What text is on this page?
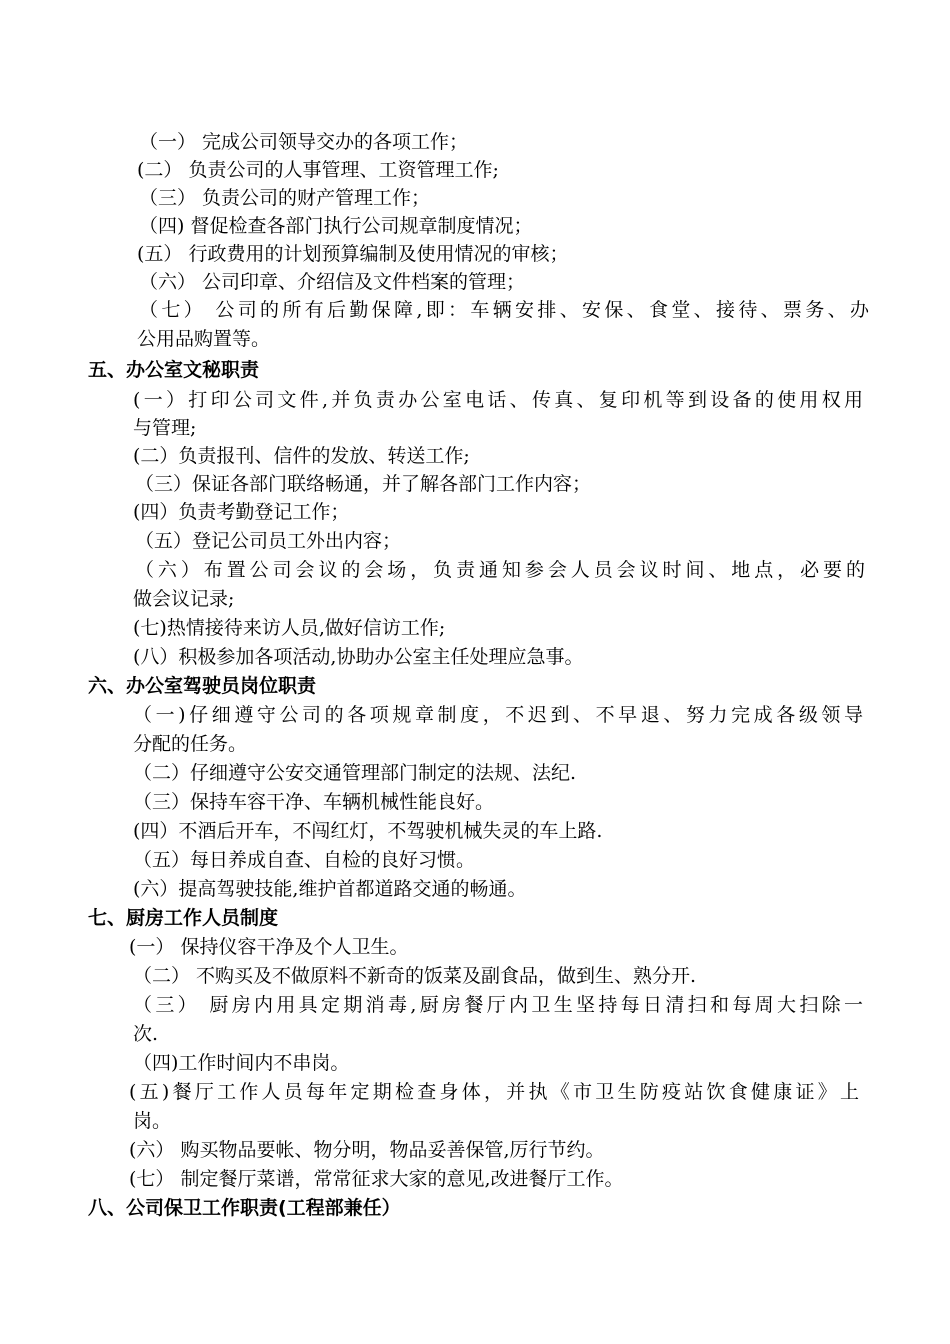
（一） 完成公司领导交办的各项工作；
(二） 负责公司的人事管理、工资管理工作;
（三） 负责公司的财产管理工作；
（四) 督促检查各部门执行公司规章制度情况；
(五） 行政费用的计划预算编制及使用情况的审核；
（六） 公司印章、介绍信及文件档案的管理；
（七） 公司的所有后勤保障,即：车辆安排、安保、食堂、接待、票务、办
公用品购置等。
五、办公室文秘职责
(一）打印公司文件,并负责办公室电话、传真、复印机等到设备的使用权用
与管理;
(二）负责报刊、信件的发放、转送工作;
（三）保证各部门联络畅通，并了解各部门工作内容；
(四）负责考勤登记工作；
（五）登记公司员工外出内容；
（六）布置公司会议的会场，负责通知参会人员会议时间、地点，必要的
做会议记录;
(七)热情接待来访人员,做好信访工作;
(八）积极参加各项活动,协助办公室主任处理应急事。
六、办公室驾驶员岗位职责
（一)仔细遵守公司的各项规章制度，不迟到、不早退、努力完成各级领导
分配的任务。
（二）仔细遵守公安交通管理部门制定的法规、法纪.
（三）保持车容干净、车辆机械性能良好。
(四）不酒后开车，不闯红灯，不驾驶机械失灵的车上路.
（五）每日养成自查、自检的良好习惯。
(六）提高驾驶技能,维护首都道路交通的畅通。
七、厨房工作人员制度
(一） 保持仪容干净及个人卫生。
（二） 不购买及不做原料不新奇的饭菜及副食品，做到生、熟分开.
（三） 厨房内用具定期消毒,厨房餐厅内卫生坚持每日清扫和每周大扫除一
次.
（四)工作时间内不串岗。
(五)餐厅工作人员每年定期检查身体，并执《市卫生防疫站饮食健康证》上
岗。
(六） 购买物品要帐、物分明，物品妥善保管,厉行节约。
(七） 制定餐厅菜谱，常常征求大家的意见,改进餐厅工作。
八、公司保卫工作职责(工程部兼任）
